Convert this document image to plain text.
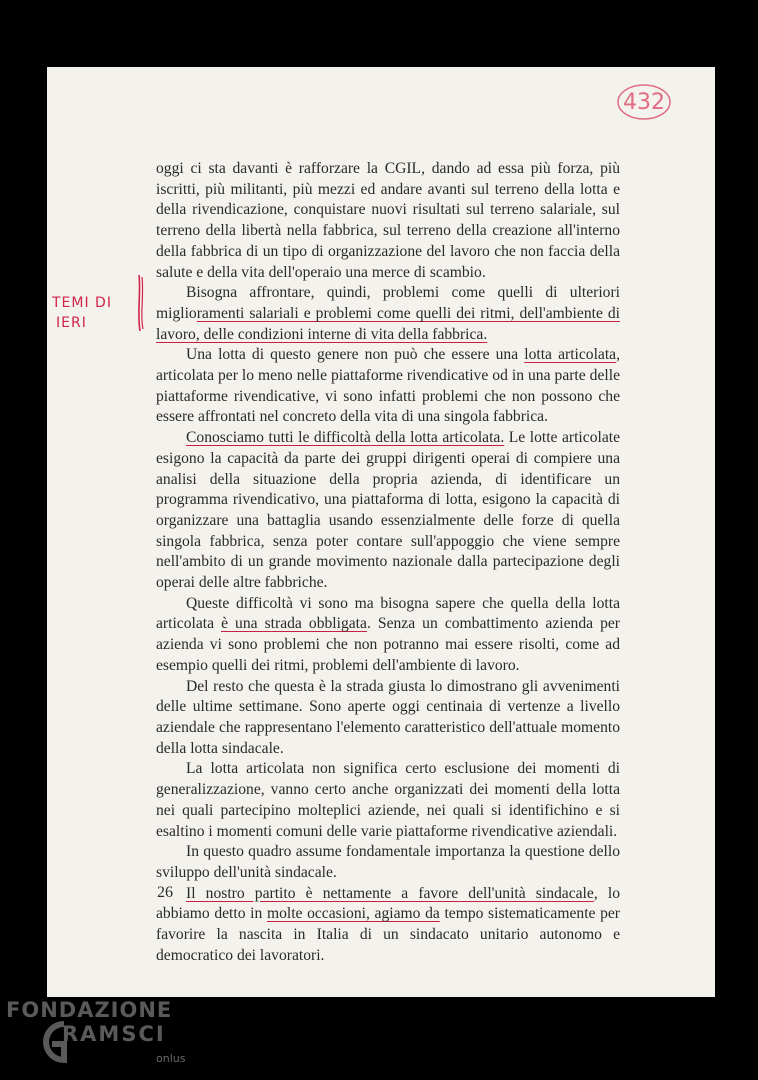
432
TEMI DI
IERI

oggi ci sta davanti è rafforzare la CGIL, dando ad essa più forza, più iscritti, più militanti, più mezzi ed andare avanti sul terreno della lotta e della rivendicazione, conquistare nuovi risultati sul terreno salariale, sul terreno della libertà nella fabbrica, sul terreno della creazione all'interno della fabbrica di un tipo di organizzazione del lavoro che non faccia della salute e della vita dell'operaio una merce di scambio.

Bisogna affrontare, quindi, problemi come quelli di ulteriori miglioramenti salariali e problemi come quelli dei ritmi, dell'ambiente di lavoro, delle condizioni interne di vita della fabbrica.

Una lotta di questo genere non può che essere una lotta articolata, articolata per lo meno nelle piattaforme rivendicative od in una parte delle piattaforme rivendicative, vi sono infatti problemi che non possono che essere affrontati nel concreto della vita di una singola fabbrica.

Conosciamo tutti le difficoltà della lotta articolata. Le lotte articolate esigono la capacità da parte dei gruppi dirigenti operai di compiere una analisi della situazione della propria azienda, di identificare un programma rivendicativo, una piattaforma di lotta, esigono la capacità di organizzare una battaglia usando essenzialmente delle forze di quella singola fabbrica, senza poter contare sull'appoggio che viene sempre nell'ambito di un grande movimento nazionale dalla partecipazione degli operai delle altre fabbriche.

Queste difficoltà vi sono ma bisogna sapere che quella della lotta articolata è una strada obbligata. Senza un combattimento azienda per azienda vi sono problemi che non potranno mai essere risolti, come ad esempio quelli dei ritmi, problemi dell'ambiente di lavoro.

Del resto che questa è la strada giusta lo dimostrano gli avvenimenti delle ultime settimane. Sono aperte oggi centinaia di vertenze a livello aziendale che rappresentano l'elemento caratteristico dell'attuale momento della lotta sindacale.

La lotta articolata non significa certo esclusione dei momenti di generalizzazione, vanno certo anche organizzati dei momenti della lotta nei quali partecipino molteplici aziende, nei quali si identifichino e si esaltino i momenti comuni delle varie piattaforme rivendicative aziendali.

In questo quadro assume fondamentale importanza la questione dello sviluppo dell'unità sindacale.

Il nostro partito è nettamente a favore dell'unità sindacale, lo abbiamo detto in molte occasioni, agiamo da tempo sistematicamente per favorire la nascita in Italia di un sindacato unitario autonomo e democratico dei lavoratori.

26
FONDAZIONE
RAMSCI
onlus
